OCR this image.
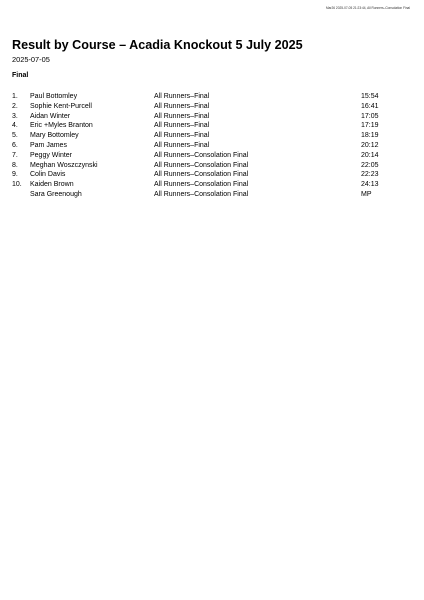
Mar26 2025-07-05 21:23:44, All Runners–Consolation Final
Result by Course – Acadia Knockout 5 July 2025
2025-07-05
Final
1. Paul Bottomley	All Runners–Final	15:54
2. Sophie Kent-Purcell	All Runners–Final	16:41
3. Aidan Winter	All Runners–Final	17:05
4. Eric +Myles Branton	All Runners–Final	17:19
5. Mary Bottomley	All Runners–Final	18:19
6. Pam James	All Runners–Final	20:12
7. Peggy Winter	All Runners–Consolation Final	20:14
8. Meghan Woszczynski	All Runners–Consolation Final	22:05
9. Colin Davis	All Runners–Consolation Final	22:23
10. Kaiden Brown	All Runners–Consolation Final	24:13
Sara Greenough	All Runners–Consolation Final	MP
